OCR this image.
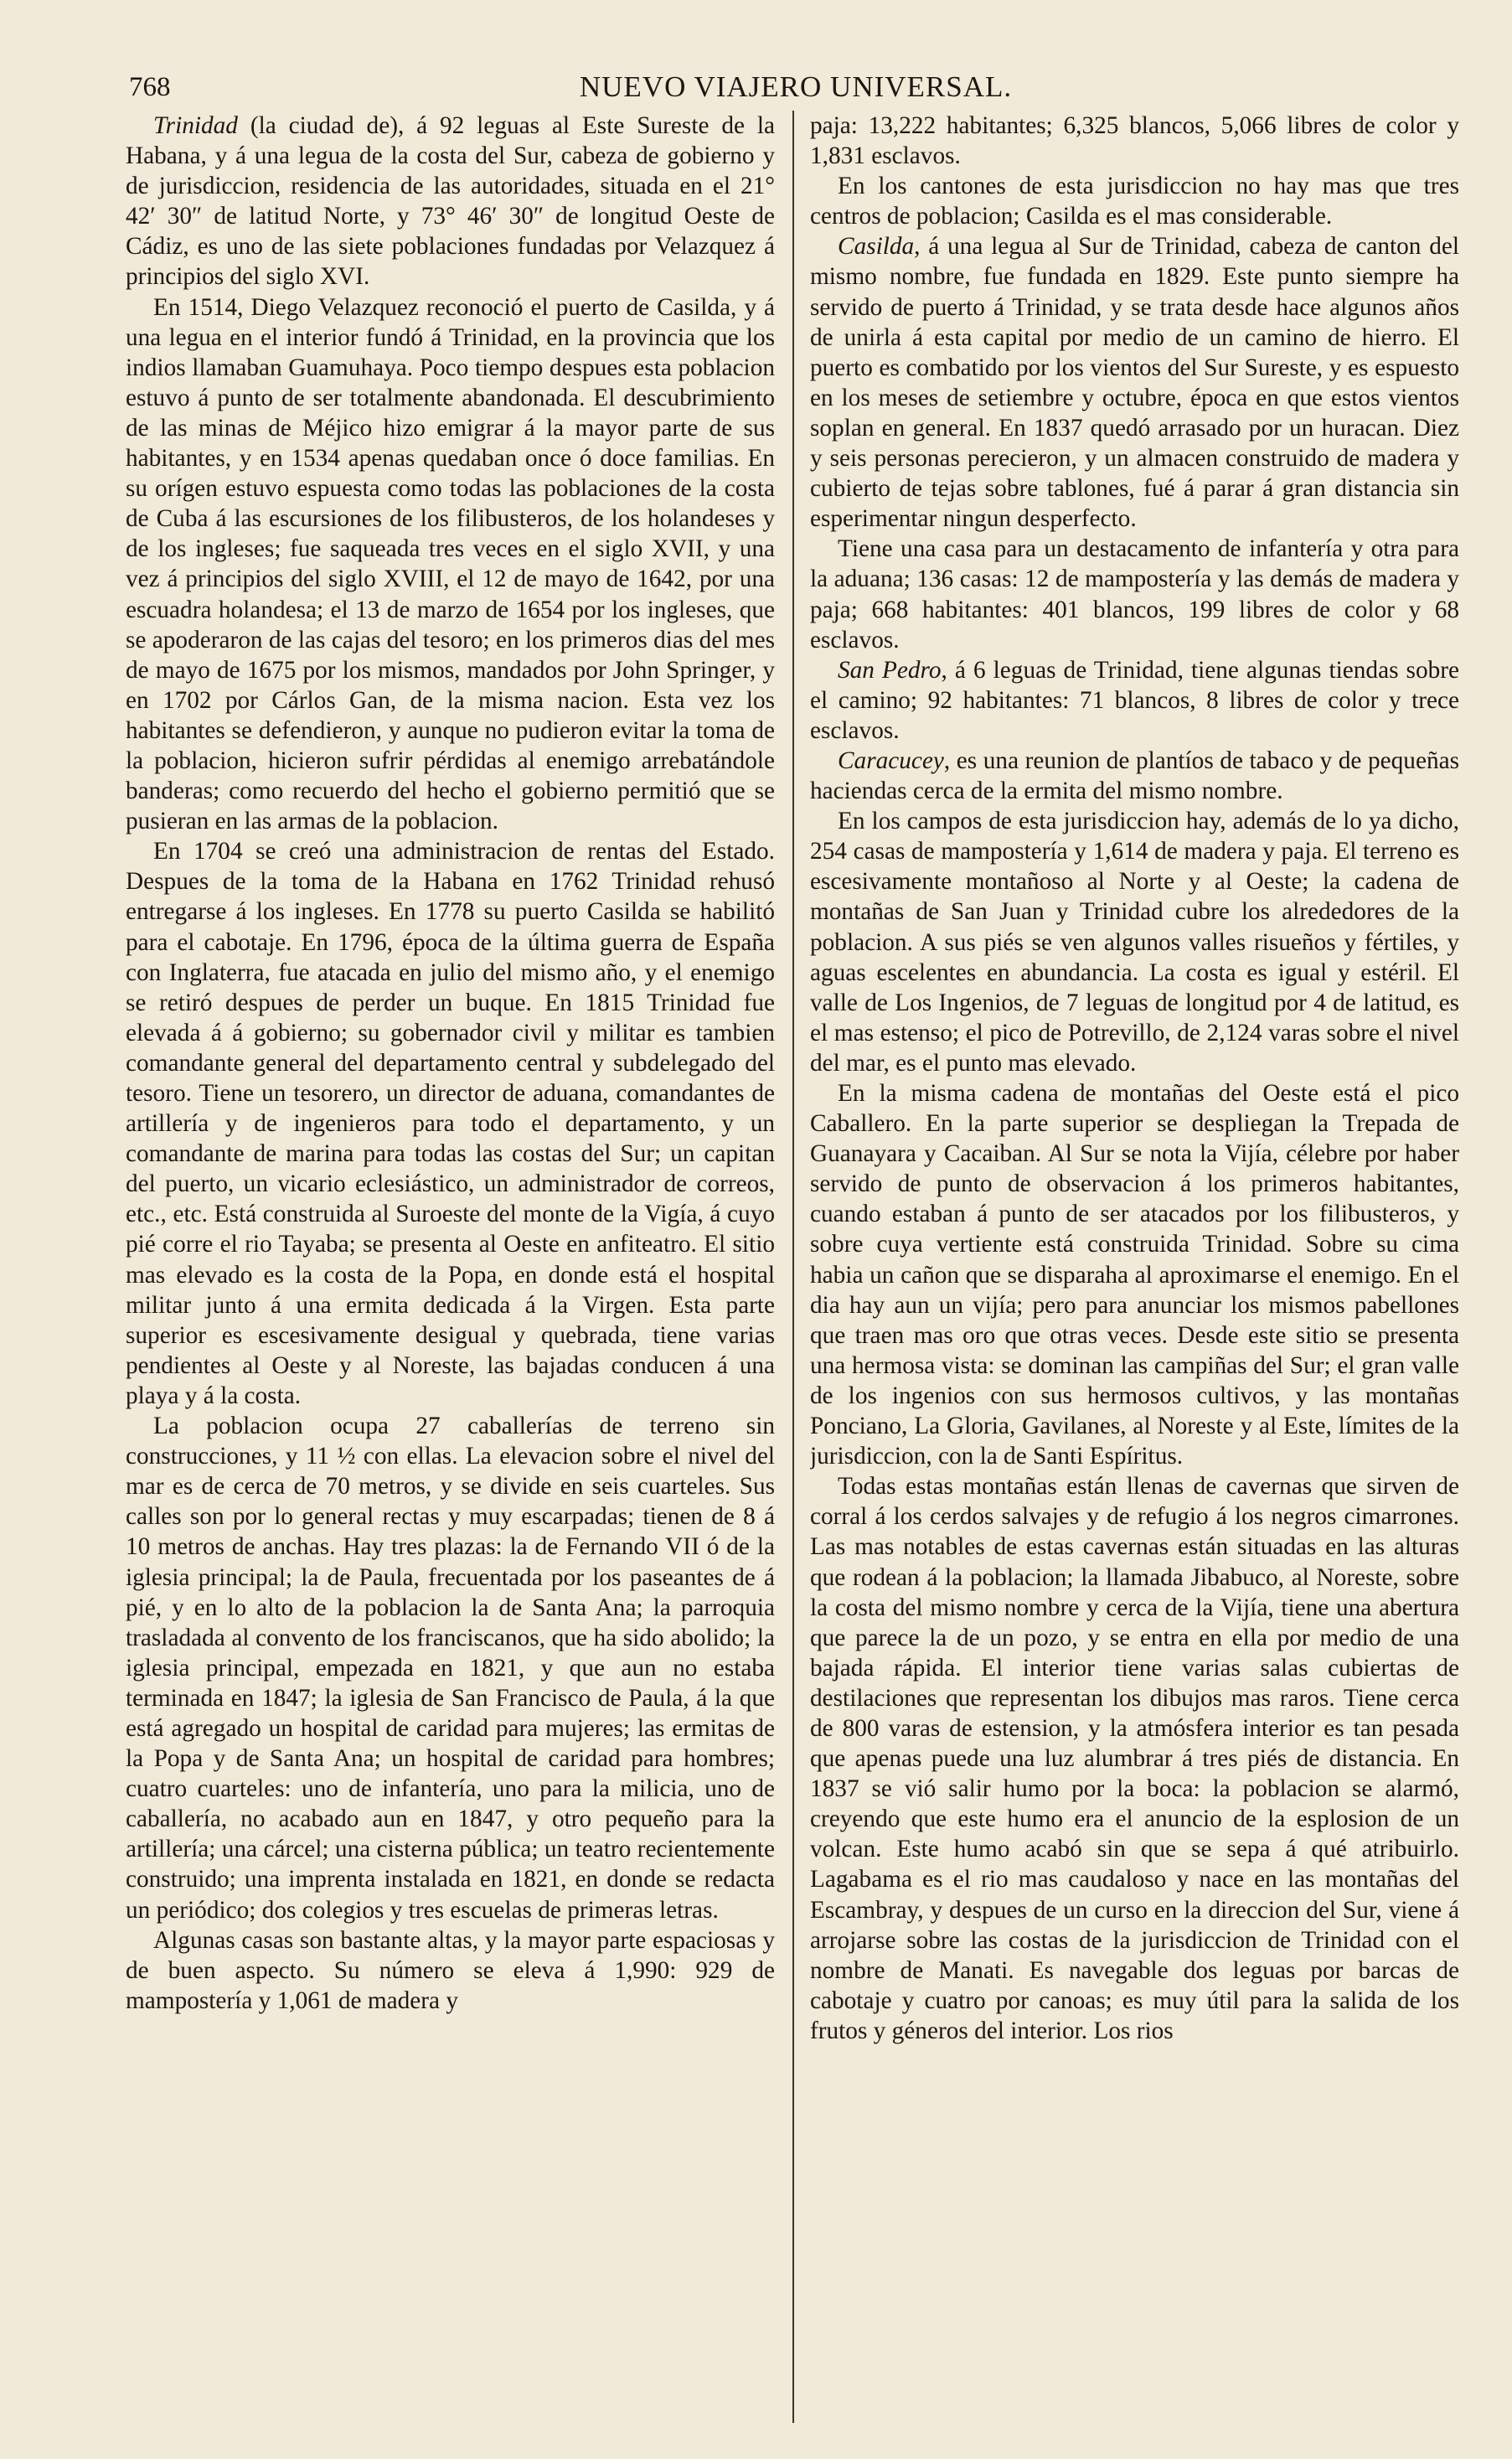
768	NUEVO VIAJERO UNIVERSAL.

Trinidad (la ciudad de), á 92 leguas al Este Sureste de la Habana, y á una legua de la costa del Sur, cabeza de gobierno y de jurisdiccion, residencia de las autoridades, situada en el 21° 42′ 30″ de latitud Norte, y 73° 46′ 30″ de longitud Oeste de Cádiz, es uno de las siete poblaciones fundadas por Velazquez á principios del siglo XVI.

En 1514, Diego Velazquez reconoció el puerto de Casilda, y á una legua en el interior fundó á Trinidad, en la provincia que los indios llamaban Guamuhaya. Poco tiempo despues esta poblacion estuvo á punto de ser totalmente abandonada. El descubrimiento de las minas de Méjico hizo emigrar á la mayor parte de sus habitantes, y en 1534 apenas quedaban once ó doce familias. En su orígen estuvo espuesta como todas las poblaciones de la costa de Cuba á las escursiones de los filibusteros, de los holandeses y de los ingleses; fue saqueada tres veces en el siglo XVII, y una vez á principios del siglo XVIII, el 12 de mayo de 1642, por una escuadra holandesa; el 13 de marzo de 1654 por los ingleses, que se apoderaron de las cajas del tesoro; en los primeros dias del mes de mayo de 1675 por los mismos, mandados por John Springer, y en 1702 por Cárlos Gan, de la misma nacion. Esta vez los habitantes se defendieron, y aunque no pudieron evitar la toma de la poblacion, hicieron sufrir pérdidas al enemigo arrebatándole banderas; como recuerdo del hecho el gobierno permitió que se pusieran en las armas de la poblacion.

En 1704 se creó una administracion de rentas del Estado. Despues de la toma de la Habana en 1762 Trinidad rehusó entregarse á los ingleses. En 1778 su puerto Casilda se habilitó para el cabotaje. En 1796, época de la última guerra de España con Inglaterra, fue atacada en julio del mismo año, y el enemigo se retiró despues de perder un buque. En 1815 Trinidad fue elevada á á gobierno; su gobernador civil y militar es tambien comandante general del departamento central y subdelegado del tesoro. Tiene un tesorero, un director de aduana, comandantes de artillería y de ingenieros para todo el departamento, y un comandante de marina para todas las costas del Sur; un capitan del puerto, un vicario eclesiástico, un administrador de correos, etc., etc. Está construida al Suroeste del monte de la Vigía, á cuyo pié corre el rio Tayaba; se presenta al Oeste en anfiteatro. El sitio mas elevado es la costa de la Popa, en donde está el hospital militar junto á una ermita dedicada á la Virgen. Esta parte superior es escesivamente desigual y quebrada, tiene varias pendientes al Oeste y al Noreste, las bajadas conducen á una playa y á la costa.

La poblacion ocupa 27 caballerías de terreno sin construcciones, y 11 ½ con ellas. La elevacion sobre el nivel del mar es de cerca de 70 metros, y se divide en seis cuarteles. Sus calles son por lo general rectas y muy escarpadas; tienen de 8 á 10 metros de anchas. Hay tres plazas: la de Fernando VII ó de la iglesia principal; la de Paula, frecuentada por los paseantes de á pié, y en lo alto de la poblacion la de Santa Ana; la parroquia trasladada al convento de los franciscanos, que ha sido abolido; la iglesia principal, empezada en 1821, y que aun no estaba terminada en 1847; la iglesia de San Francisco de Paula, á la que está agregado un hospital de caridad para mujeres; las ermitas de la Popa y de Santa Ana; un hospital de caridad para hombres; cuatro cuarteles: uno de infantería, uno para la milicia, uno de caballería, no acabado aun en 1847, y otro pequeño para la artillería; una cárcel; una cisterna pública; un teatro recientemente construido; una imprenta instalada en 1821, en donde se redacta un periódico; dos colegios y tres escuelas de primeras letras.

Algunas casas son bastante altas, y la mayor parte espaciosas y de buen aspecto. Su número se eleva á 1,990: 929 de mampostería y 1,061 de madera y

paja: 13,222 habitantes; 6,325 blancos, 5,066 libres de color y 1,831 esclavos.

En los cantones de esta jurisdiccion no hay mas que tres centros de poblacion; Casilda es el mas considerable.

Casilda, á una legua al Sur de Trinidad, cabeza de canton del mismo nombre, fue fundada en 1829. Este punto siempre ha servido de puerto á Trinidad, y se trata desde hace algunos años de unirla á esta capital por medio de un camino de hierro. El puerto es combatido por los vientos del Sur Sureste, y es espuesto en los meses de setiembre y octubre, época en que estos vientos soplan en general. En 1837 quedó arrasado por un huracan. Diez y seis personas perecieron, y un almacen construido de madera y cubierto de tejas sobre tablones, fué á parar á gran distancia sin esperimentar ningun desperfecto.

Tiene una casa para un destacamento de infantería y otra para la aduana; 136 casas: 12 de mampostería y las demás de madera y paja; 668 habitantes: 401 blancos, 199 libres de color y 68 esclavos.

San Pedro, á 6 leguas de Trinidad, tiene algunas tiendas sobre el camino; 92 habitantes: 71 blancos, 8 libres de color y trece esclavos.

Caracucey, es una reunion de plantíos de tabaco y de pequeñas haciendas cerca de la ermita del mismo nombre.

En los campos de esta jurisdiccion hay, además de lo ya dicho, 254 casas de mampostería y 1,614 de madera y paja. El terreno es escesivamente montañoso al Norte y al Oeste; la cadena de montañas de San Juan y Trinidad cubre los alrededores de la poblacion. A sus piés se ven algunos valles risueños y fértiles, y aguas escelentes en abundancia. La costa es igual y estéril. El valle de Los Ingenios, de 7 leguas de longitud por 4 de latitud, es el mas estenso; el pico de Potrevillo, de 2,124 varas sobre el nivel del mar, es el punto mas elevado.

En la misma cadena de montañas del Oeste está el pico Caballero. En la parte superior se despliegan la Trepada de Guanayara y Cacaiban. Al Sur se nota la Vijía, célebre por haber servido de punto de observacion á los primeros habitantes, cuando estaban á punto de ser atacados por los filibusteros, y sobre cuya vertiente está construida Trinidad. Sobre su cima habia un cañon que se disparaha al aproximarse el enemigo. En el dia hay aun un vijía; pero para anunciar los mismos pabellones que traen mas oro que otras veces. Desde este sitio se presenta una hermosa vista: se dominan las campiñas del Sur; el gran valle de los ingenios con sus hermosos cultivos, y las montañas Ponciano, La Gloria, Gavilanes, al Noreste y al Este, límites de la jurisdiccion, con la de Santi Espíritus.

Todas estas montañas están llenas de cavernas que sirven de corral á los cerdos salvajes y de refugio á los negros cimarrones. Las mas notables de estas cavernas están situadas en las alturas que rodean á la poblacion; la llamada Jibabuco, al Noreste, sobre la costa del mismo nombre y cerca de la Vijía, tiene una abertura que parece la de un pozo, y se entra en ella por medio de una bajada rápida. El interior tiene varias salas cubiertas de destilaciones que representan los dibujos mas raros. Tiene cerca de 800 varas de estension, y la atmósfera interior es tan pesada que apenas puede una luz alumbrar á tres piés de distancia. En 1837 se vió salir humo por la boca: la poblacion se alarmó, creyendo que este humo era el anuncio de la esplosion de un volcan. Este humo acabó sin que se sepa á qué atribuirlo. Lagabama es el rio mas caudaloso y nace en las montañas del Escambray, y despues de un curso en la direccion del Sur, viene á arrojarse sobre las costas de la jurisdiccion de Trinidad con el nombre de Manati. Es navegable dos leguas por barcas de cabotaje y cuatro por canoas; es muy útil para la salida de los frutos y géneros del interior. Los rios
